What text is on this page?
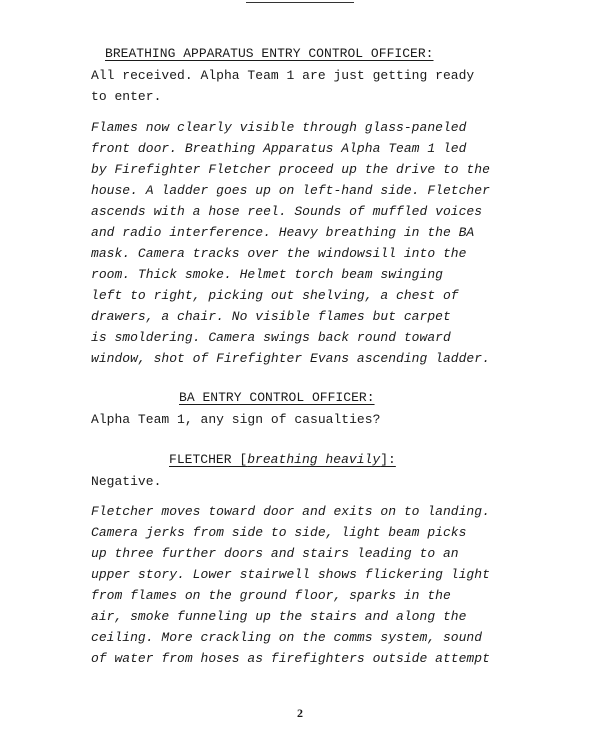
BREATHING APPARATUS ENTRY CONTROL OFFICER:
All received. Alpha Team 1 are just getting ready
to enter.
Flames now clearly visible through glass-paneled
front door. Breathing Apparatus Alpha Team 1 led
by Firefighter Fletcher proceed up the drive to the
house. A ladder goes up on left-hand side. Fletcher
ascends with a hose reel. Sounds of muffled voices
and radio interference. Heavy breathing in the BA
mask. Camera tracks over the windowsill into the
room. Thick smoke. Helmet torch beam swinging
left to right, picking out shelving, a chest of
drawers, a chair. No visible flames but carpet
is smoldering. Camera swings back round toward
window, shot of Firefighter Evans ascending ladder.
BA ENTRY CONTROL OFFICER:
Alpha Team 1, any sign of casualties?
FLETCHER [breathing heavily]:
Negative.
Fletcher moves toward door and exits on to landing.
Camera jerks from side to side, light beam picks
up three further doors and stairs leading to an
upper story. Lower stairwell shows flickering light
from flames on the ground floor, sparks in the
air, smoke funneling up the stairs and along the
ceiling. More crackling on the comms system, sound
of water from hoses as firefighters outside attempt
2
